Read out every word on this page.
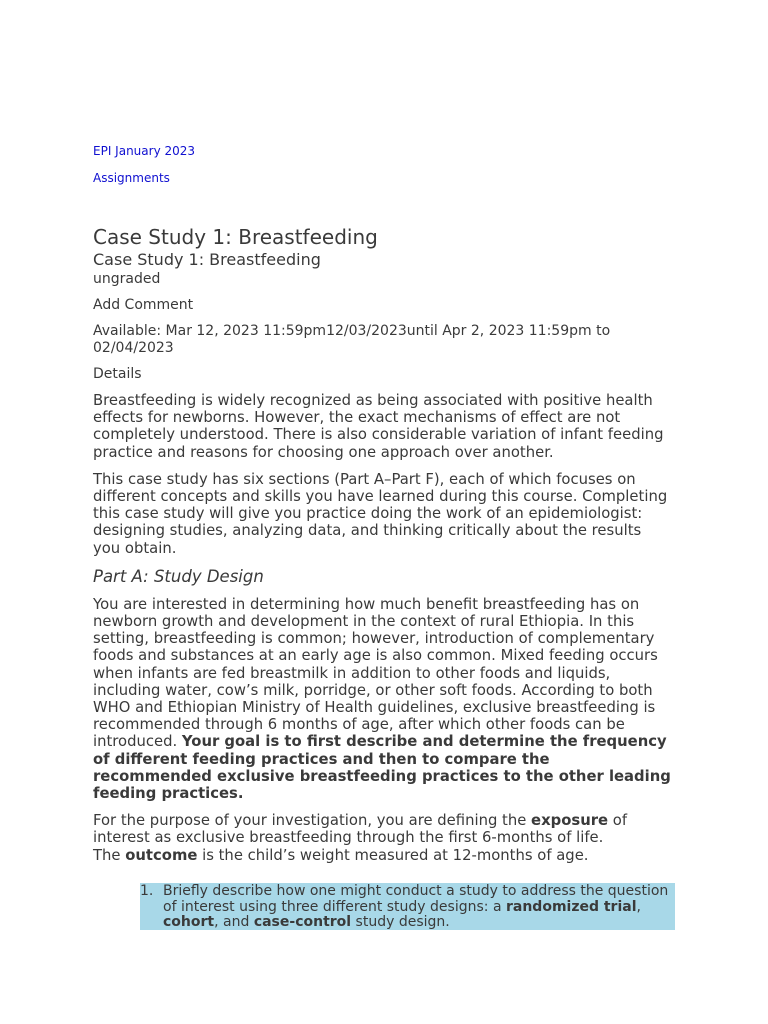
EPI January 2023
Assignments
Case Study 1: Breastfeeding
Case Study 1: Breastfeeding
ungraded
Add Comment
Available: Mar 12, 2023 11:59pm12/03/2023until Apr 2, 2023 11:59pm to 02/04/2023
Details

Breastfeeding is widely recognized as being associated with positive health effects for newborns. However, the exact mechanisms of effect are not completely understood. There is also considerable variation of infant feeding practice and reasons for choosing one approach over another.

This case study has six sections (Part A–Part F), each of which focuses on different concepts and skills you have learned during this course. Completing this case study will give you practice doing the work of an epidemiologist: designing studies, analyzing data, and thinking critically about the results you obtain.

Part A: Study Design

You are interested in determining how much benefit breastfeeding has on newborn growth and development in the context of rural Ethiopia. In this setting, breastfeeding is common; however, introduction of complementary foods and substances at an early age is also common. Mixed feeding occurs when infants are fed breastmilk in addition to other foods and liquids, including water, cow’s milk, porridge, or other soft foods. According to both WHO and Ethiopian Ministry of Health guidelines, exclusive breastfeeding is recommended through 6 months of age, after which other foods can be introduced. Your goal is to first describe and determine the frequency of different feeding practices and then to compare the recommended exclusive breastfeeding practices to the other leading feeding practices.

For the purpose of your investigation, you are defining the exposure of interest as exclusive breastfeeding through the first 6-months of life.
The outcome is the child’s weight measured at 12-months of age.

1. Briefly describe how one might conduct a study to address the question of interest using three different study designs: a randomized trial, cohort, and case-control study design.
